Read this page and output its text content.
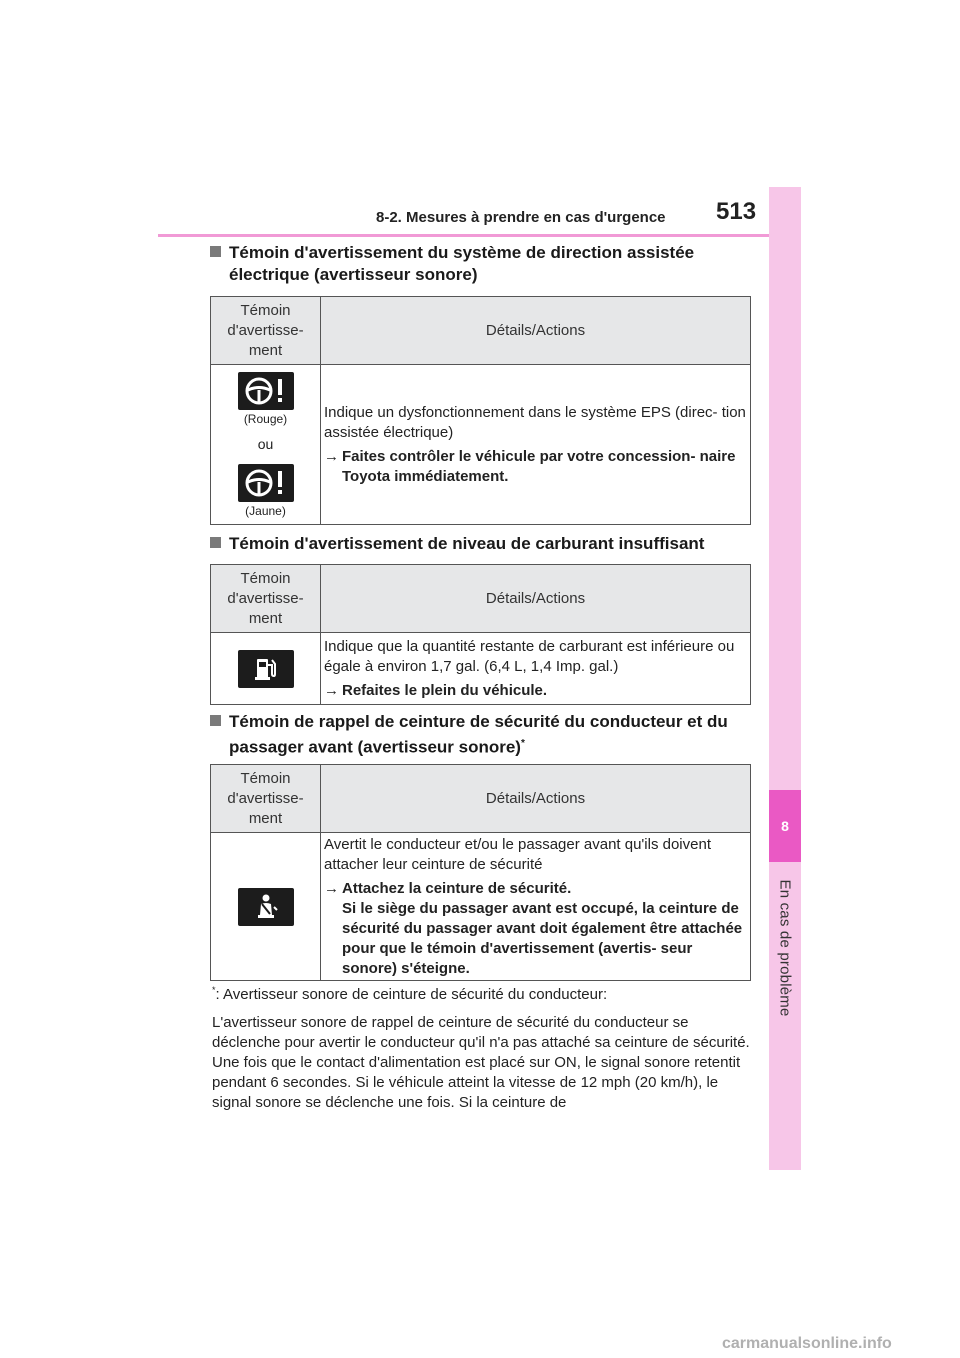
8
En cas de problème
8-2. Mesures à prendre en cas d'urgence 513
Témoin d'avertissement du système de direction assistée électrique (avertisseur sonore)
Témoin d'avertisse- ment
Détails/Actions
(Rouge)
ou
(Jaune)
Indique un dysfonctionnement dans le système EPS (direc- tion assistée électrique)
→ Faites contrôler le véhicule par votre concession- naire Toyota immédiatement.
Témoin d'avertissement de niveau de carburant insuffisant
Témoin d'avertisse- ment
Détails/Actions
Indique que la quantité restante de carburant est inférieure ou égale à environ 1,7 gal. (6,4 L, 1,4 Imp. gal.)
→ Refaites le plein du véhicule.
Témoin de rappel de ceinture de sécurité du conducteur et du passager avant (avertisseur sonore)*
Témoin d'avertisse- ment
Détails/Actions
Avertit le conducteur et/ou le passager avant qu'ils doivent attacher leur ceinture de sécurité
→ Attachez la ceinture de sécurité.
Si le siège du passager avant est occupé, la ceinture de sécurité du passager avant doit également être attachée pour que le témoin d'avertissement (avertis- seur sonore) s'éteigne.
*: Avertisseur sonore de ceinture de sécurité du conducteur:
L'avertisseur sonore de rappel de ceinture de sécurité du conducteur se déclenche pour avertir le conducteur qu'il n'a pas attaché sa ceinture de sécurité. Une fois que le contact d'alimentation est placé sur ON, le signal sonore retentit pendant 6 secondes. Si le véhicule atteint la vitesse de 12 mph (20 km/h), le signal sonore se déclenche une fois. Si la ceinture de
carmanualsonline.info
